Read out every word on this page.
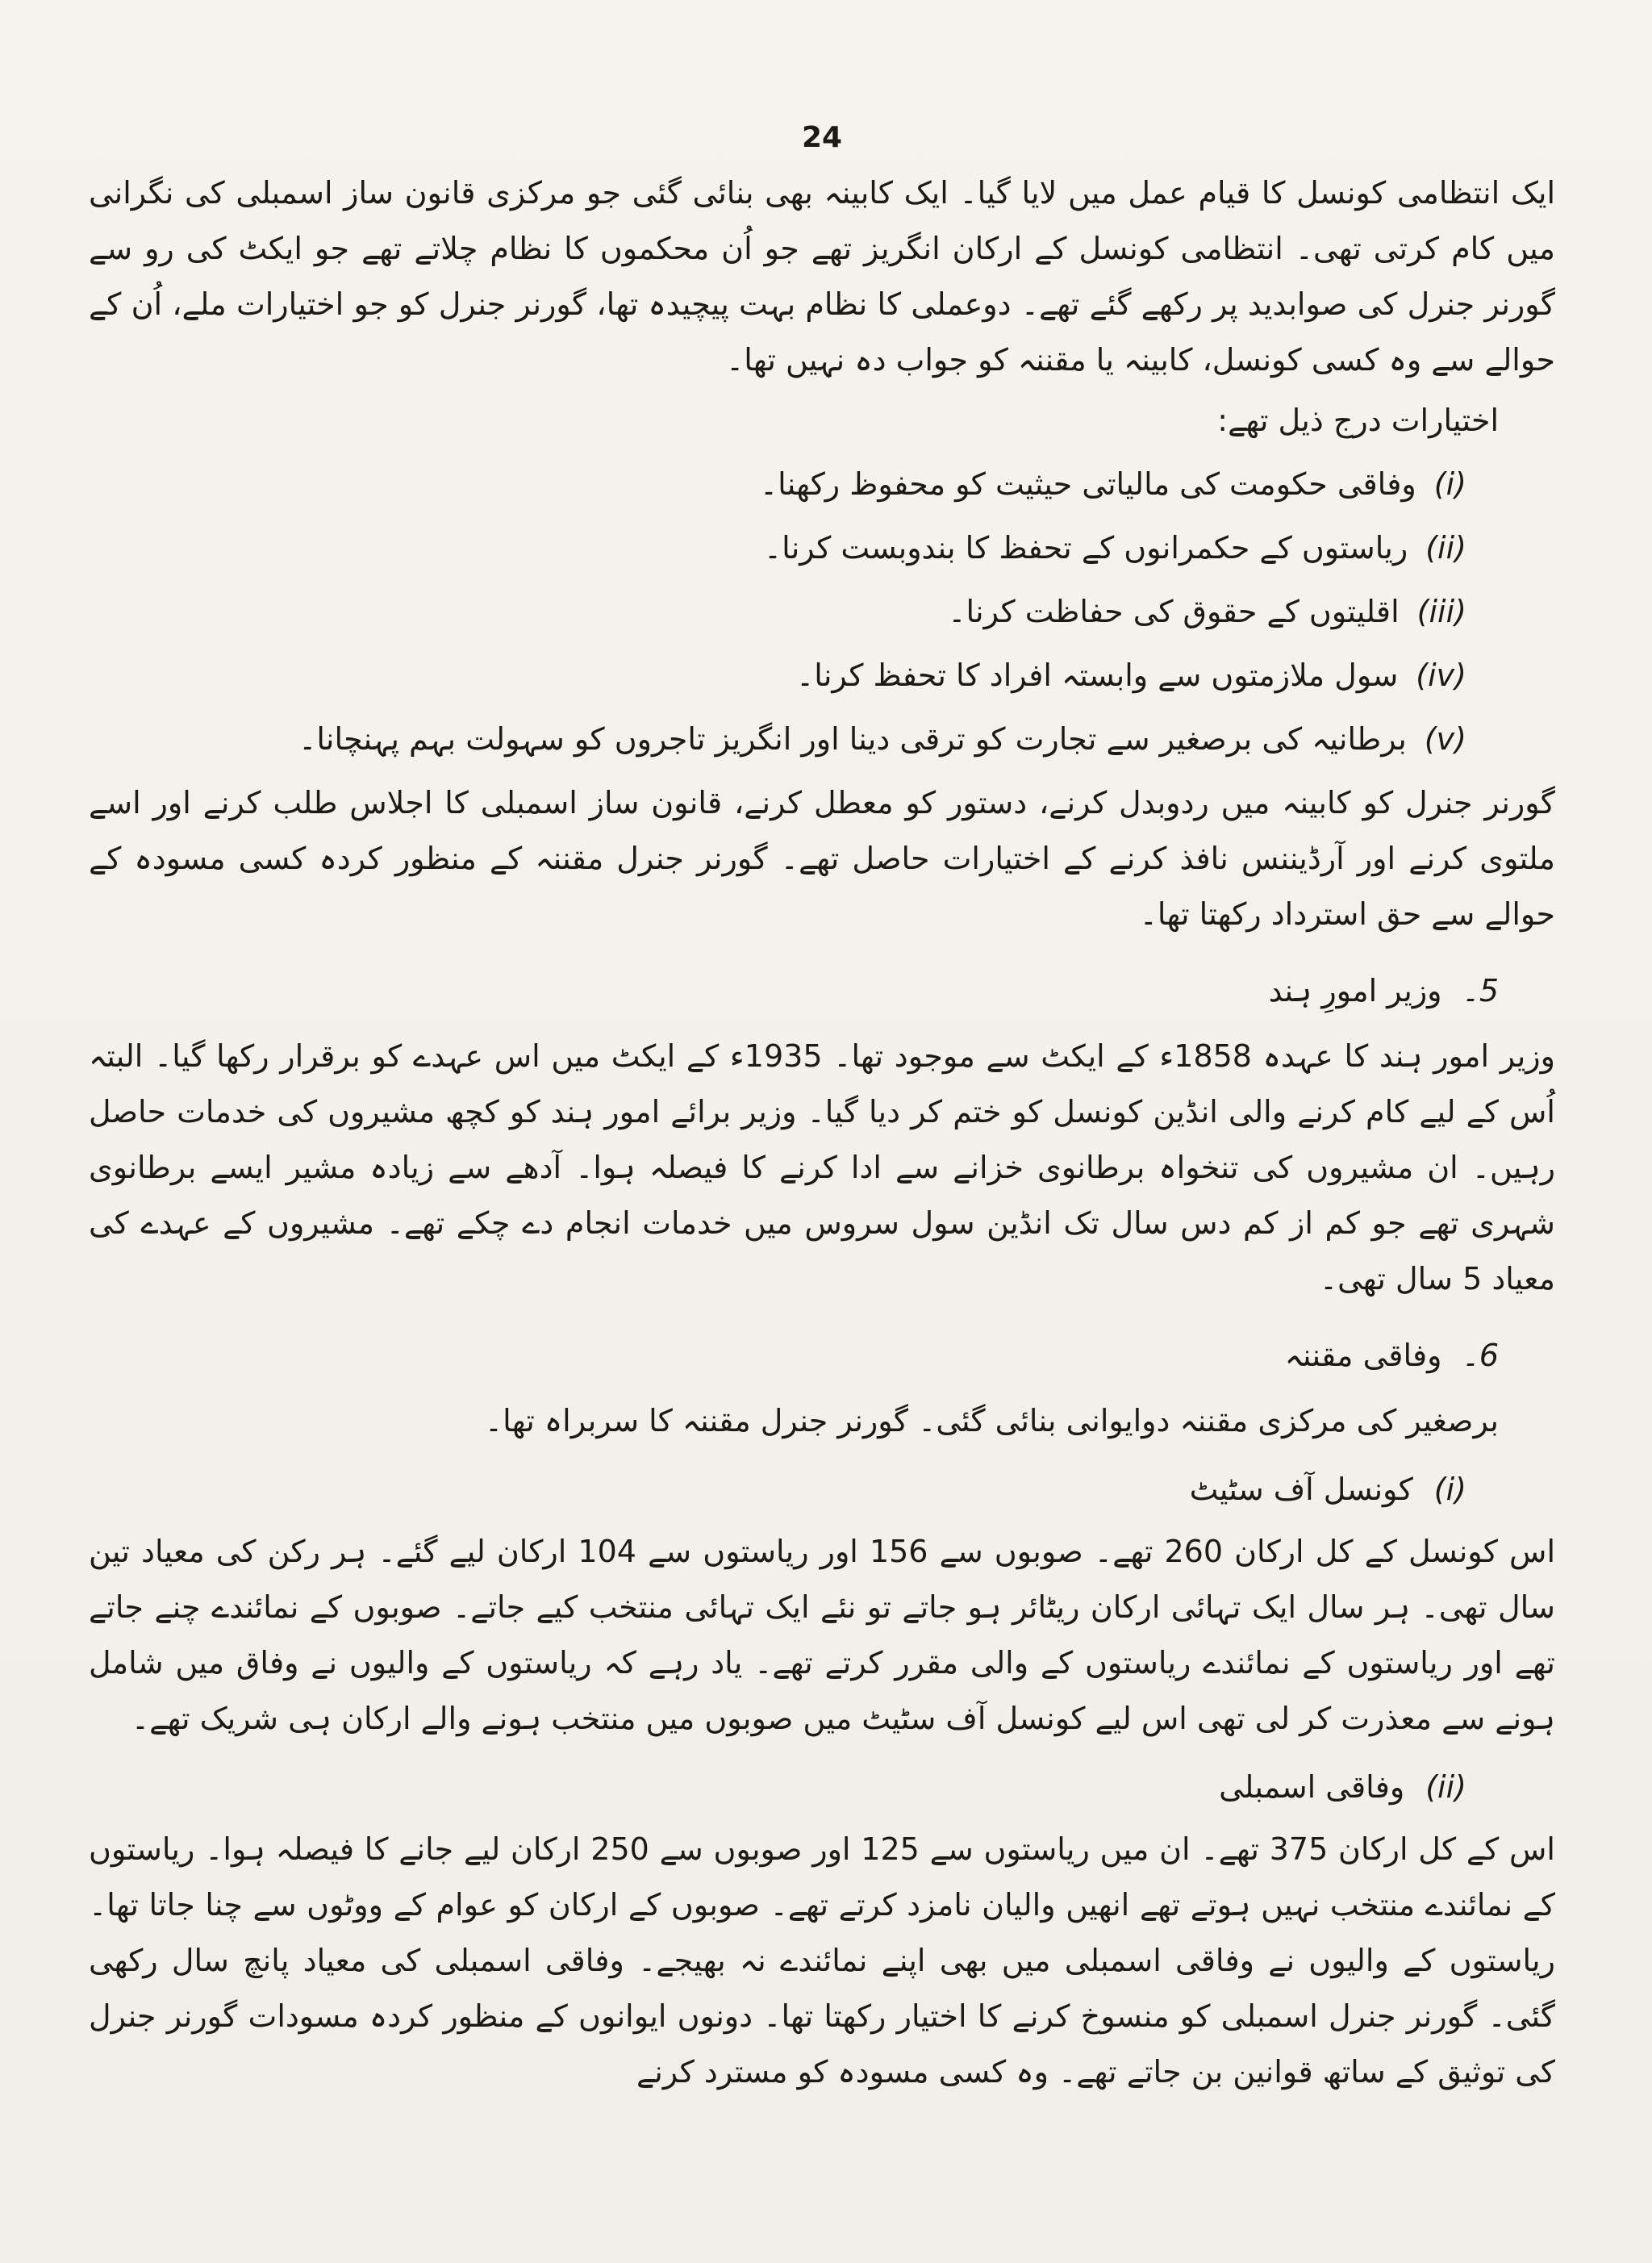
24

ایک انتظامی کونسل کا قیام عمل میں لایا گیا۔ ایک کابینہ بھی بنائی گئی جو مرکزی قانون ساز اسمبلی کی نگرانی میں کام کرتی تھی۔ انتظامی کونسل کے ارکان انگریز تھے جو اُن محکموں کا نظام چلاتے تھے جو ایکٹ کی رو سے گورنر جنرل کی صوابدید پر رکھے گئے تھے۔ دوعملی کا نظام بہت پیچیدہ تھا، گورنر جنرل کو جو اختیارات ملے، اُن کے حوالے سے وہ کسی کونسل، کابینہ یا مقننہ کو جواب دہ نہیں تھا۔

اختیارات درج ذیل تھے:

(i)
وفاقی حکومت کی مالیاتی حیثیت کو محفوظ رکھنا۔
(ii)
ریاستوں کے حکمرانوں کے تحفظ کا بندوبست کرنا۔
(iii)
اقلیتوں کے حقوق کی حفاظت کرنا۔
(iv)
سول ملازمتوں سے وابستہ افراد کا تحفظ کرنا۔
(v)
برطانیہ کی برصغیر سے تجارت کو ترقی دینا اور انگریز تاجروں کو سہولت بہم پہنچانا۔

گورنر جنرل کو کابینہ میں ردوبدل کرنے، دستور کو معطل کرنے، قانون ساز اسمبلی کا اجلاس طلب کرنے اور اسے ملتوی کرنے اور آرڈیننس نافذ کرنے کے اختیارات حاصل تھے۔ گورنر جنرل مقننہ کے منظور کردہ کسی مسودہ کے حوالے سے حق استرداد رکھتا تھا۔

5۔
وزیر امورِ ہند

وزیر امور ہند کا عہدہ 1858ء کے ایکٹ سے موجود تھا۔ 1935ء کے ایکٹ میں اس عہدے کو برقرار رکھا گیا۔ البتہ اُس کے لیے کام کرنے والی انڈین کونسل کو ختم کر دیا گیا۔ وزیر برائے امور ہند کو کچھ مشیروں کی خدمات حاصل رہیں۔ ان مشیروں کی تنخواہ برطانوی خزانے سے ادا کرنے کا فیصلہ ہوا۔ آدھے سے زیادہ مشیر ایسے برطانوی شہری تھے جو کم از کم دس سال تک انڈین سول سروس میں خدمات انجام دے چکے تھے۔ مشیروں کے عہدے کی معیاد 5 سال تھی۔

6۔
وفاقی مقننہ

برصغیر کی مرکزی مقننہ دوایوانی بنائی گئی۔ گورنر جنرل مقننہ کا سربراہ تھا۔

(i)
کونسل آف سٹیٹ

اس کونسل کے کل ارکان 260 تھے۔ صوبوں سے 156 اور ریاستوں سے 104 ارکان لیے گئے۔ ہر رکن کی معیاد تین سال تھی۔ ہر سال ایک تہائی ارکان ریٹائر ہو جاتے تو نئے ایک تہائی منتخب کیے جاتے۔ صوبوں کے نمائندے چنے جاتے تھے اور ریاستوں کے نمائندے ریاستوں کے والی مقرر کرتے تھے۔ یاد رہے کہ ریاستوں کے والیوں نے وفاق میں شامل ہونے سے معذرت کر لی تھی اس لیے کونسل آف سٹیٹ میں صوبوں میں منتخب ہونے والے ارکان ہی شریک تھے۔

(ii)
وفاقی اسمبلی

اس کے کل ارکان 375 تھے۔ ان میں ریاستوں سے 125 اور صوبوں سے 250 ارکان لیے جانے کا فیصلہ ہوا۔ ریاستوں کے نمائندے منتخب نہیں ہوتے تھے انھیں والیان نامزد کرتے تھے۔ صوبوں کے ارکان کو عوام کے ووٹوں سے چنا جاتا تھا۔ ریاستوں کے والیوں نے وفاقی اسمبلی میں بھی اپنے نمائندے نہ بھیجے۔ وفاقی اسمبلی کی معیاد پانچ سال رکھی گئی۔ گورنر جنرل اسمبلی کو منسوخ کرنے کا اختیار رکھتا تھا۔ دونوں ایوانوں کے منظور کردہ مسودات گورنر جنرل کی توثیق کے ساتھ قوانین بن جاتے تھے۔ وہ کسی مسودہ کو مسترد کرنے
